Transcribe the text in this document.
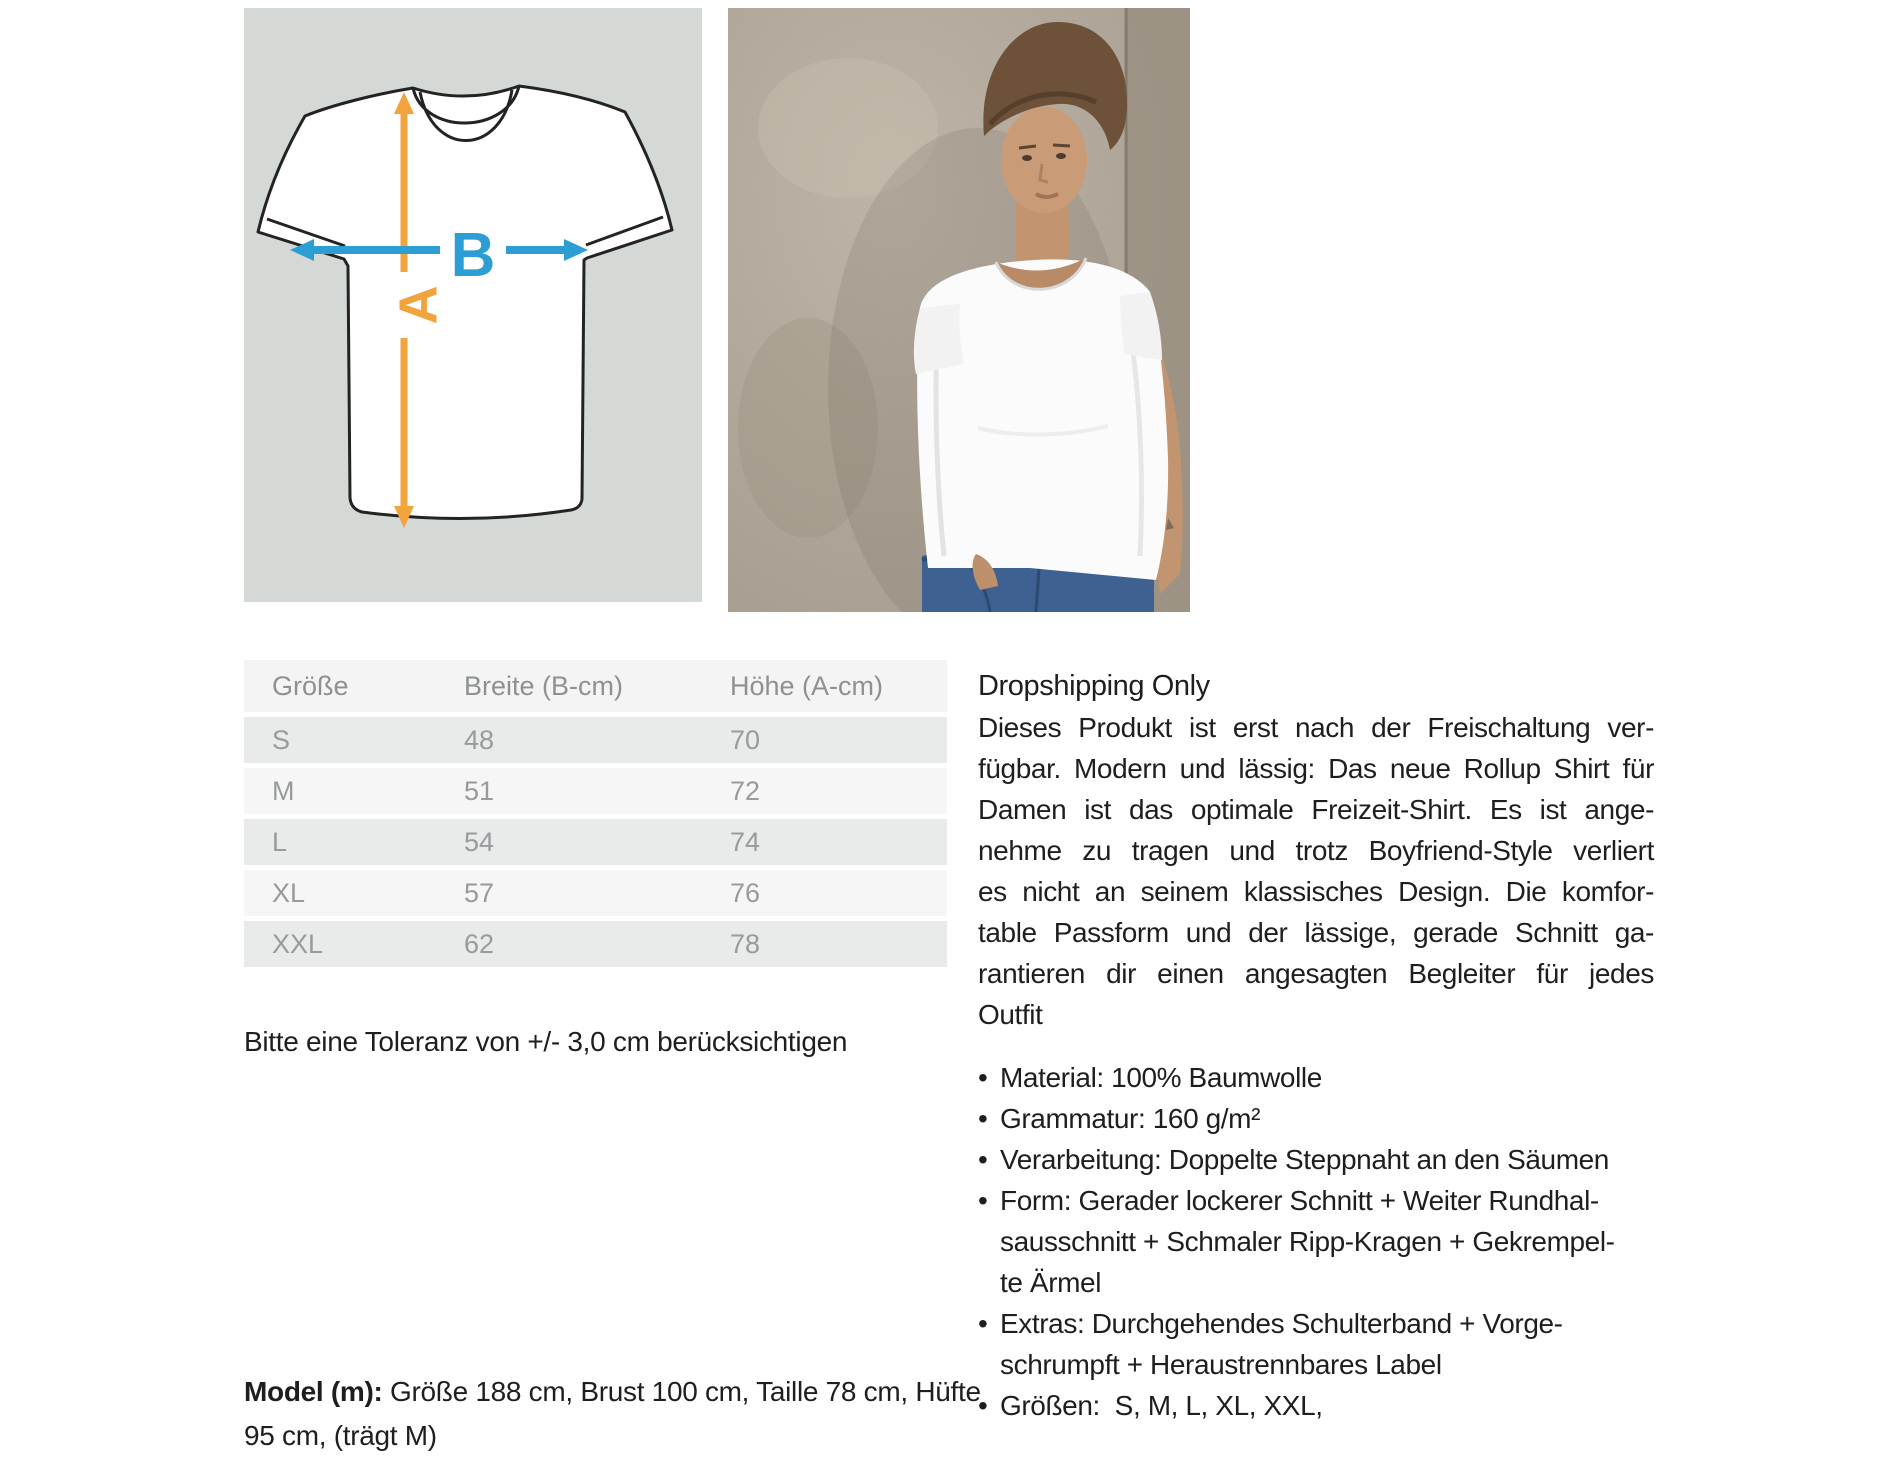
A
B
Größe	Breite (B-cm)	Höhe (A-cm)
S	48	70
M	51	72
L	54	74
XL	57	76
XXL	62	78

Bitte eine Toleranz von +/- 3,0 cm berücksichtigen

Model (m): Größe 188 cm, Brust 100 cm, Taille 78 cm, Hüfte 95 cm, (trägt M)

Dropshipping Only
Dieses Produkt ist erst nach der Freischaltung ver-
fügbar. Modern und lässig: Das neue Rollup Shirt für
Damen ist das optimale Freizeit-Shirt. Es ist ange-
nehme zu tragen und trotz Boyfriend-Style verliert
es nicht an seinem klassisches Design. Die komfor-
table Passform und der lässige, gerade Schnitt ga-
rantieren dir einen angesagten Begleiter für jedes
Outfit
• Material: 100% Baumwolle
• Grammatur: 160 g/m²
• Verarbeitung: Doppelte Steppnaht an den Säumen
• Form: Gerader lockerer Schnitt + Weiter Rundhal-
sausschnitt + Schmaler Ripp-Kragen + Gekrempel-
te Ärmel
• Extras: Durchgehendes Schulterband + Vorge-
schrumpft + Heraustrennbares Label
• Größen:  S, M, L, XL, XXL,
